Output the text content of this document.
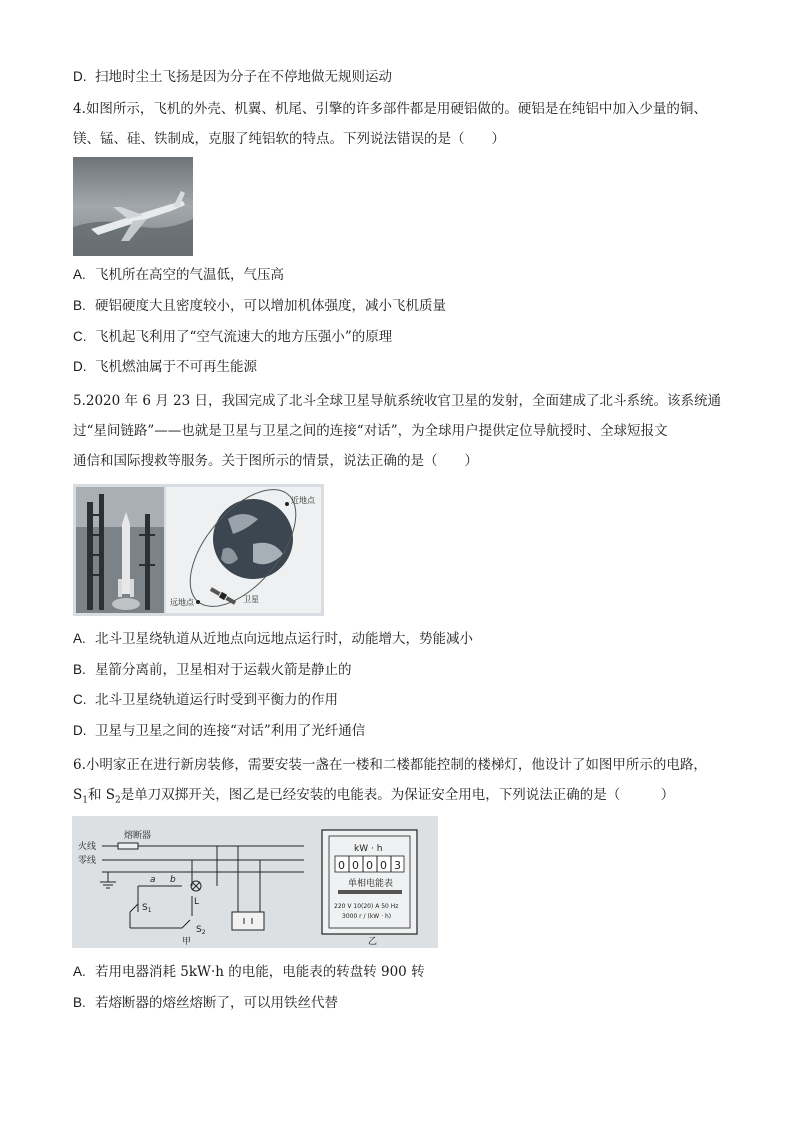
D. 扫地时尘土飞扬是因为分子在不停地做无规则运动
4.如图所示，飞机的外壳、机翼、机尾、引擎的许多部件都是用硬铝做的。硬铝是在纯铝中加入少量的铜、
镁、锰、硅、铁制成，克服了纯铝软的特点。下列说法错误的是（　　）
A. 飞机所在高空的气温低，气压高
B. 硬铝硬度大且密度较小，可以增加机体强度，减小飞机质量
C. 飞机起飞利用了“空气流速大的地方压强小”的原理
D. 飞机燃油属于不可再生能源
5.2020 年 6 月 23 日，我国完成了北斗全球卫星导航系统收官卫星的发射，全面建成了北斗系统。该系统通
过“星间链路”——也就是卫星与卫星之间的连接“对话”，为全球用户提供定位导航授时、全球短报文
通信和国际搜救等服务。关于图所示的情景，说法正确的是（　　）
近地点
远地点	卫星
A. 北斗卫星绕轨道从近地点向远地点运行时，动能增大，势能减小
B. 星箭分离前，卫星相对于运载火箭是静止的
C. 北斗卫星绕轨道运行时受到平衡力的作用
D. 卫星与卫星之间的连接“对话”利用了光纤通信
6.小明家正在进行新房装修，需要安装一盏在一楼和二楼都能控制的楼梯灯，他设计了如图甲所示的电路，
$S_1$和 $S_2$是单刀双掷开关，图乙是已经安装的电能表。为保证安全用电，下列说法正确的是（　　　）
熔断器
火线
零线
a b
L
$S_1$
$S_2$
甲
kW · h
0 0 0 0 3
单相电能表
220 V 10(20) A 50 Hz
3000 r / (kW · h)
乙
A. 若用电器消耗 5kW·h 的电能，电能表的转盘转 900 转
B. 若熔断器的熔丝熔断了，可以用铁丝代替
